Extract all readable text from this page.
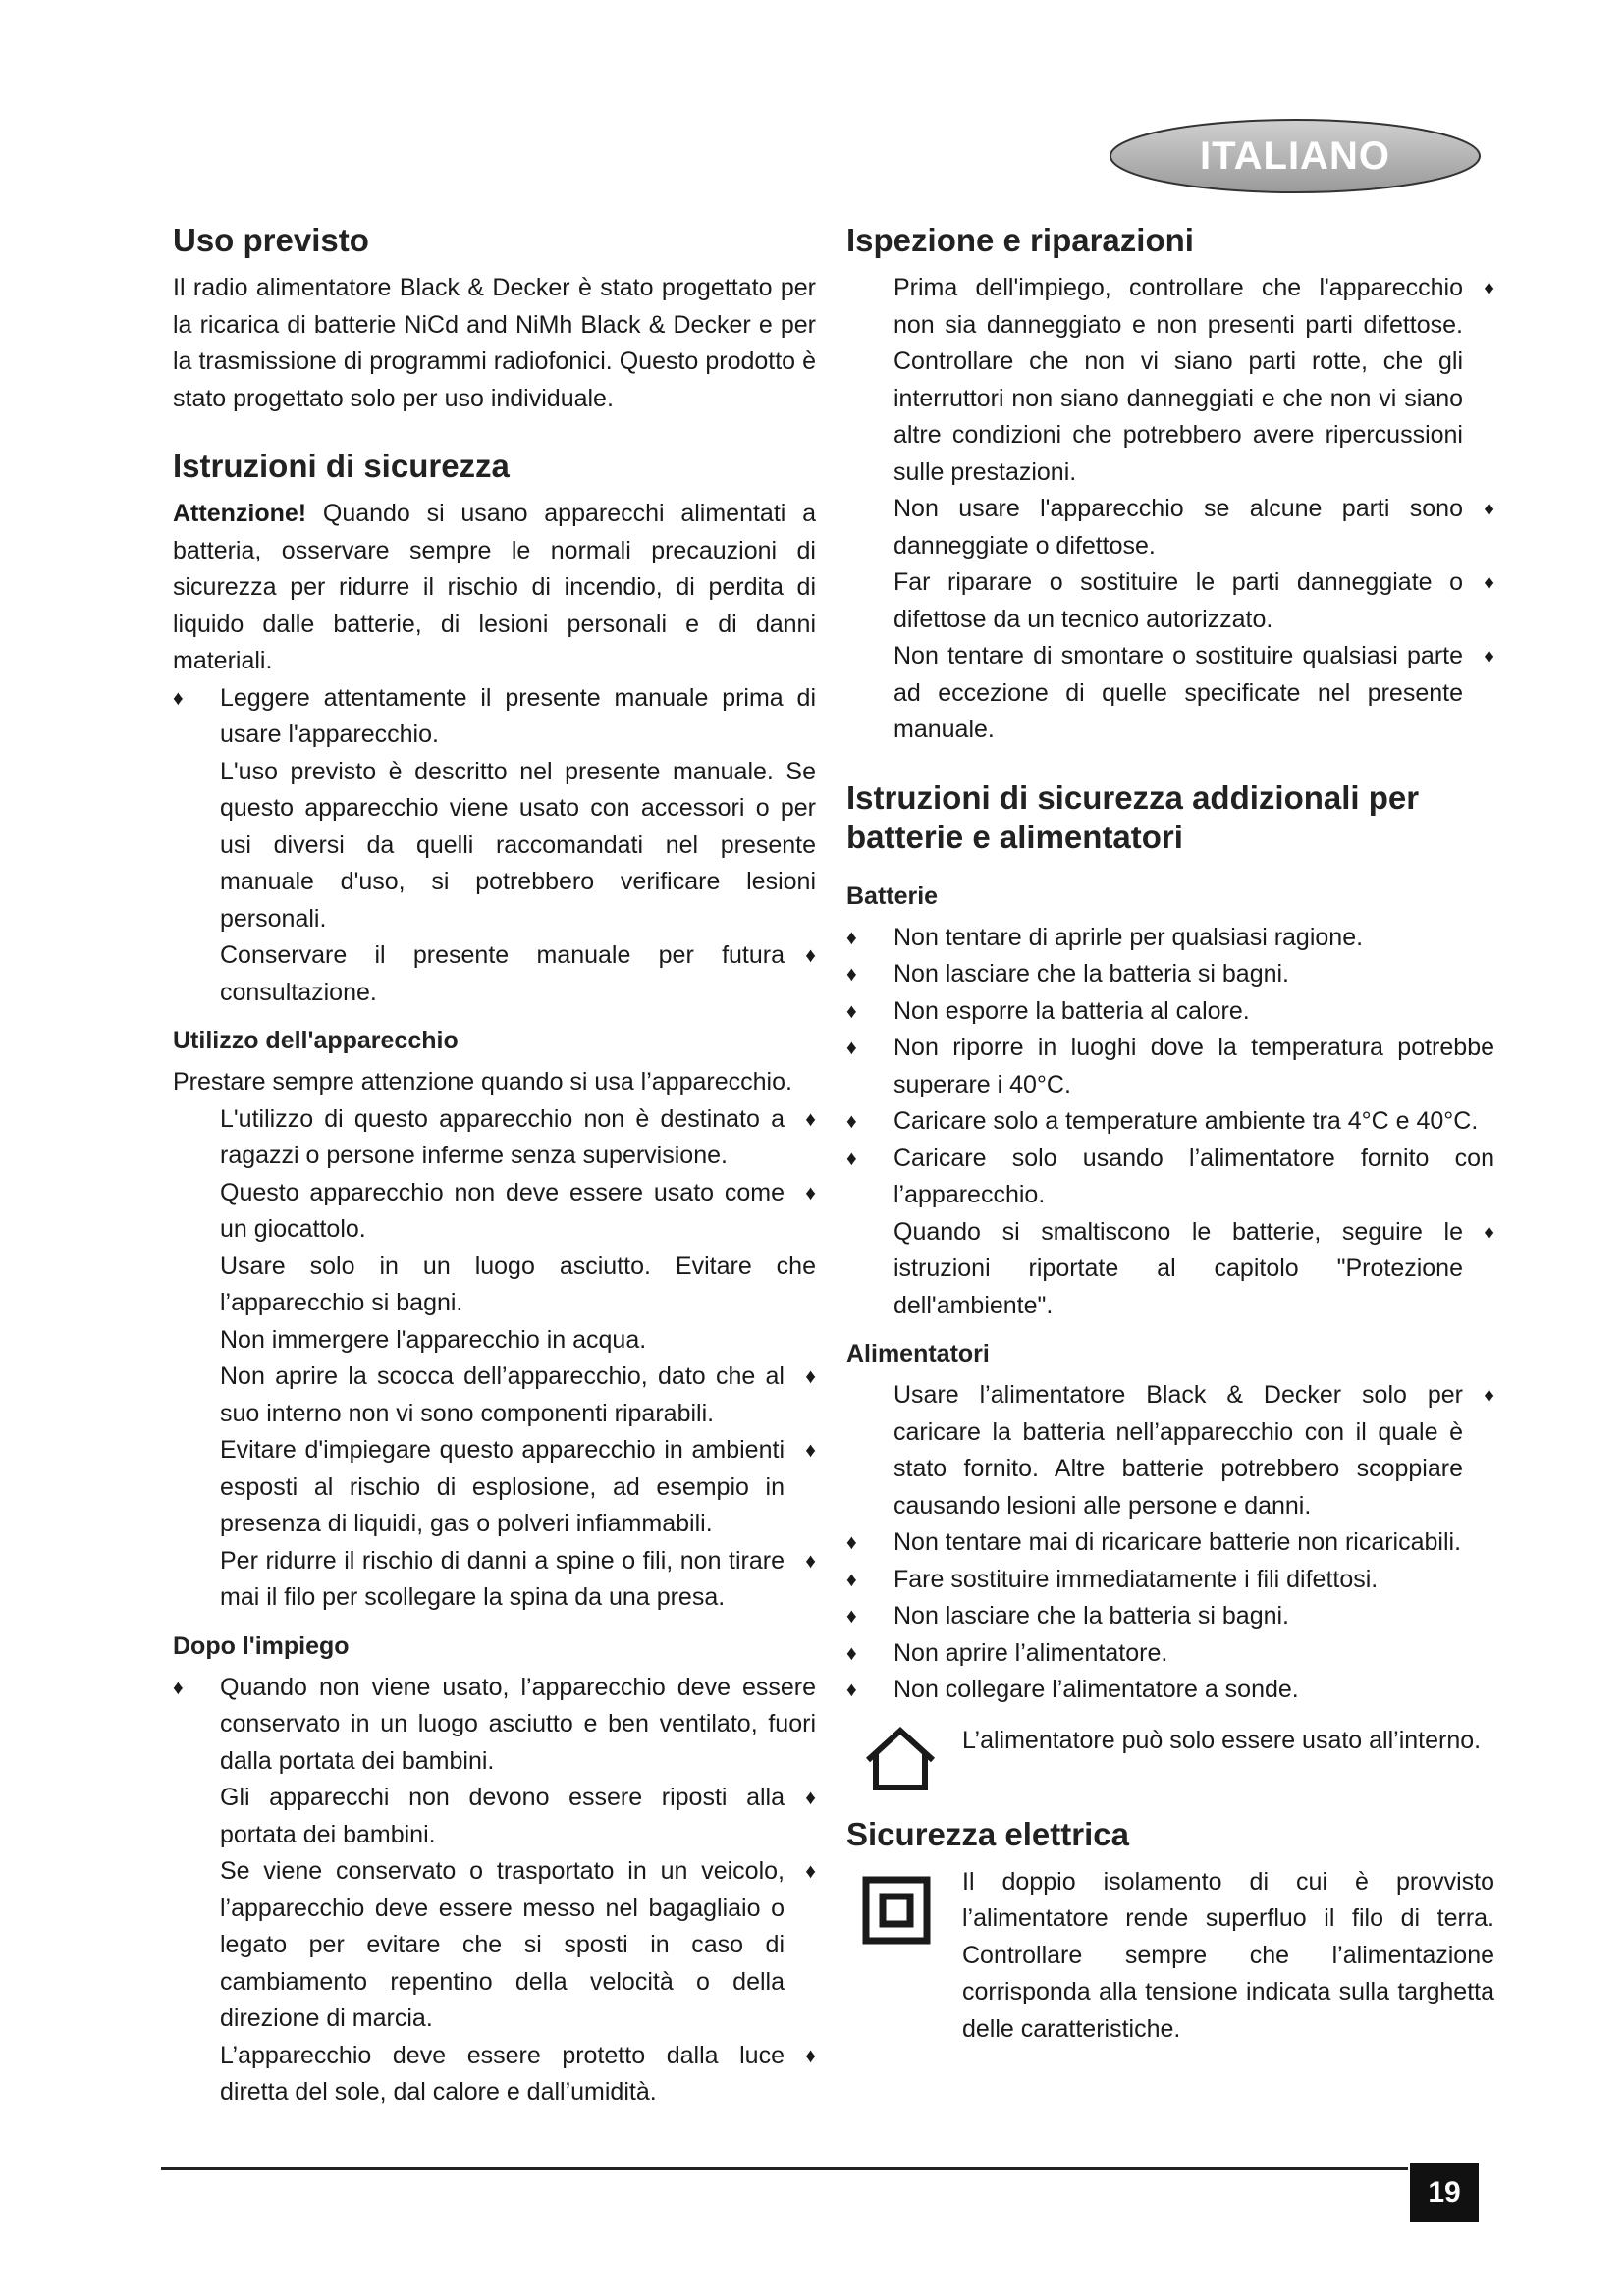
ITALIANO
Uso previsto

Il radio alimentatore Black & Decker è stato progettato per la ricarica di batterie NiCd and NiMh Black & Decker e per la trasmissione di programmi radiofonici. Questo prodotto è stato progettato solo per uso individuale.

Istruzioni di sicurezza

Attenzione! Quando si usano apparecchi alimentati a batteria, osservare sempre le normali precauzioni di sicurezza per ridurre il rischio di incendio, di perdita di liquido dalle batterie, di lesioni personali e di danni materiali.

♦ Leggere attentamente il presente manuale prima di usare l'apparecchio.
L'uso previsto è descritto nel presente manuale. Se questo apparecchio viene usato con accessori o per usi diversi da quelli raccomandati nel presente manuale d'uso, si potrebbero verificare lesioni personali.
Conservare il presente manuale per futura consultazione. ♦
Utilizzo dell'apparecchio

Prestare sempre attenzione quando si usa l’apparecchio.

L'utilizzo di questo apparecchio non è destinato a ragazzi o persone inferme senza supervisione. ♦
Questo apparecchio non deve essere usato come un giocattolo. ♦
Usare solo in un luogo asciutto. Evitare che l’apparecchio si bagni.
Non immergere l'apparecchio in acqua.
Non aprire la scocca dell’apparecchio, dato che al suo interno non vi sono componenti riparabili. ♦
Evitare d'impiegare questo apparecchio in ambienti esposti al rischio di esplosione, ad esempio in presenza di liquidi, gas o polveri infiammabili. ♦
Per ridurre il rischio di danni a spine o fili, non tirare mai il filo per scollegare la spina da una presa. ♦
Dopo l'impiego
♦ Quando non viene usato, l’apparecchio deve essere conservato in un luogo asciutto e ben ventilato, fuori dalla portata dei bambini.
Gli apparecchi non devono essere riposti alla portata dei bambini. ♦
Se viene conservato o trasportato in un veicolo, l’apparecchio deve essere messo nel bagagliaio o legato per evitare che si sposti in caso di cambiamento repentino della velocità o della direzione di marcia. ♦
L’apparecchio deve essere protetto dalla luce diretta del sole, dal calore e dall’umidità. ♦
Ispezione e riparazioni
Prima dell'impiego, controllare che l'apparecchio non sia danneggiato e non presenti parti difettose. Controllare che non vi siano parti rotte, che gli interruttori non siano danneggiati e che non vi siano altre condizioni che potrebbero avere ripercussioni sulle prestazioni. ♦
Non usare l'apparecchio se alcune parti sono danneggiate o difettose. ♦
Far riparare o sostituire le parti danneggiate o difettose da un tecnico autorizzato. ♦
Non tentare di smontare o sostituire qualsiasi parte ad eccezione di quelle specificate nel presente manuale. ♦
Istruzioni di sicurezza addizionali per batterie e alimentatori
Batterie
♦ Non tentare di aprirle per qualsiasi ragione.
♦ Non lasciare che la batteria si bagni.
♦ Non esporre la batteria al calore.
♦ Non riporre in luoghi dove la temperatura potrebbe superare i 40°C.
♦ Caricare solo a temperature ambiente tra 4°C e 40°C.
♦ Caricare solo usando l’alimentatore fornito con l’apparecchio.
Quando si smaltiscono le batterie, seguire le istruzioni riportate al capitolo "Protezione dell'ambiente". ♦
Alimentatori
Usare l’alimentatore Black & Decker solo per caricare la batteria nell’apparecchio con il quale è stato fornito. Altre batterie potrebbero scoppiare causando lesioni alle persone e danni. ♦
♦ Non tentare mai di ricaricare batterie non ricaricabili.
♦ Fare sostituire immediatamente i fili difettosi.
♦ Non lasciare che la batteria si bagni.
♦ Non aprire l’alimentatore.
♦ Non collegare l’alimentatore a sonde.

L’alimentatore può solo essere usato all’interno.

Sicurezza elettrica

Il doppio isolamento di cui è provvisto l’alimentatore rende superfluo il filo di terra. Controllare sempre che l’alimentazione corrisponda alla tensione indicata sulla targhetta delle caratteristiche.

19
